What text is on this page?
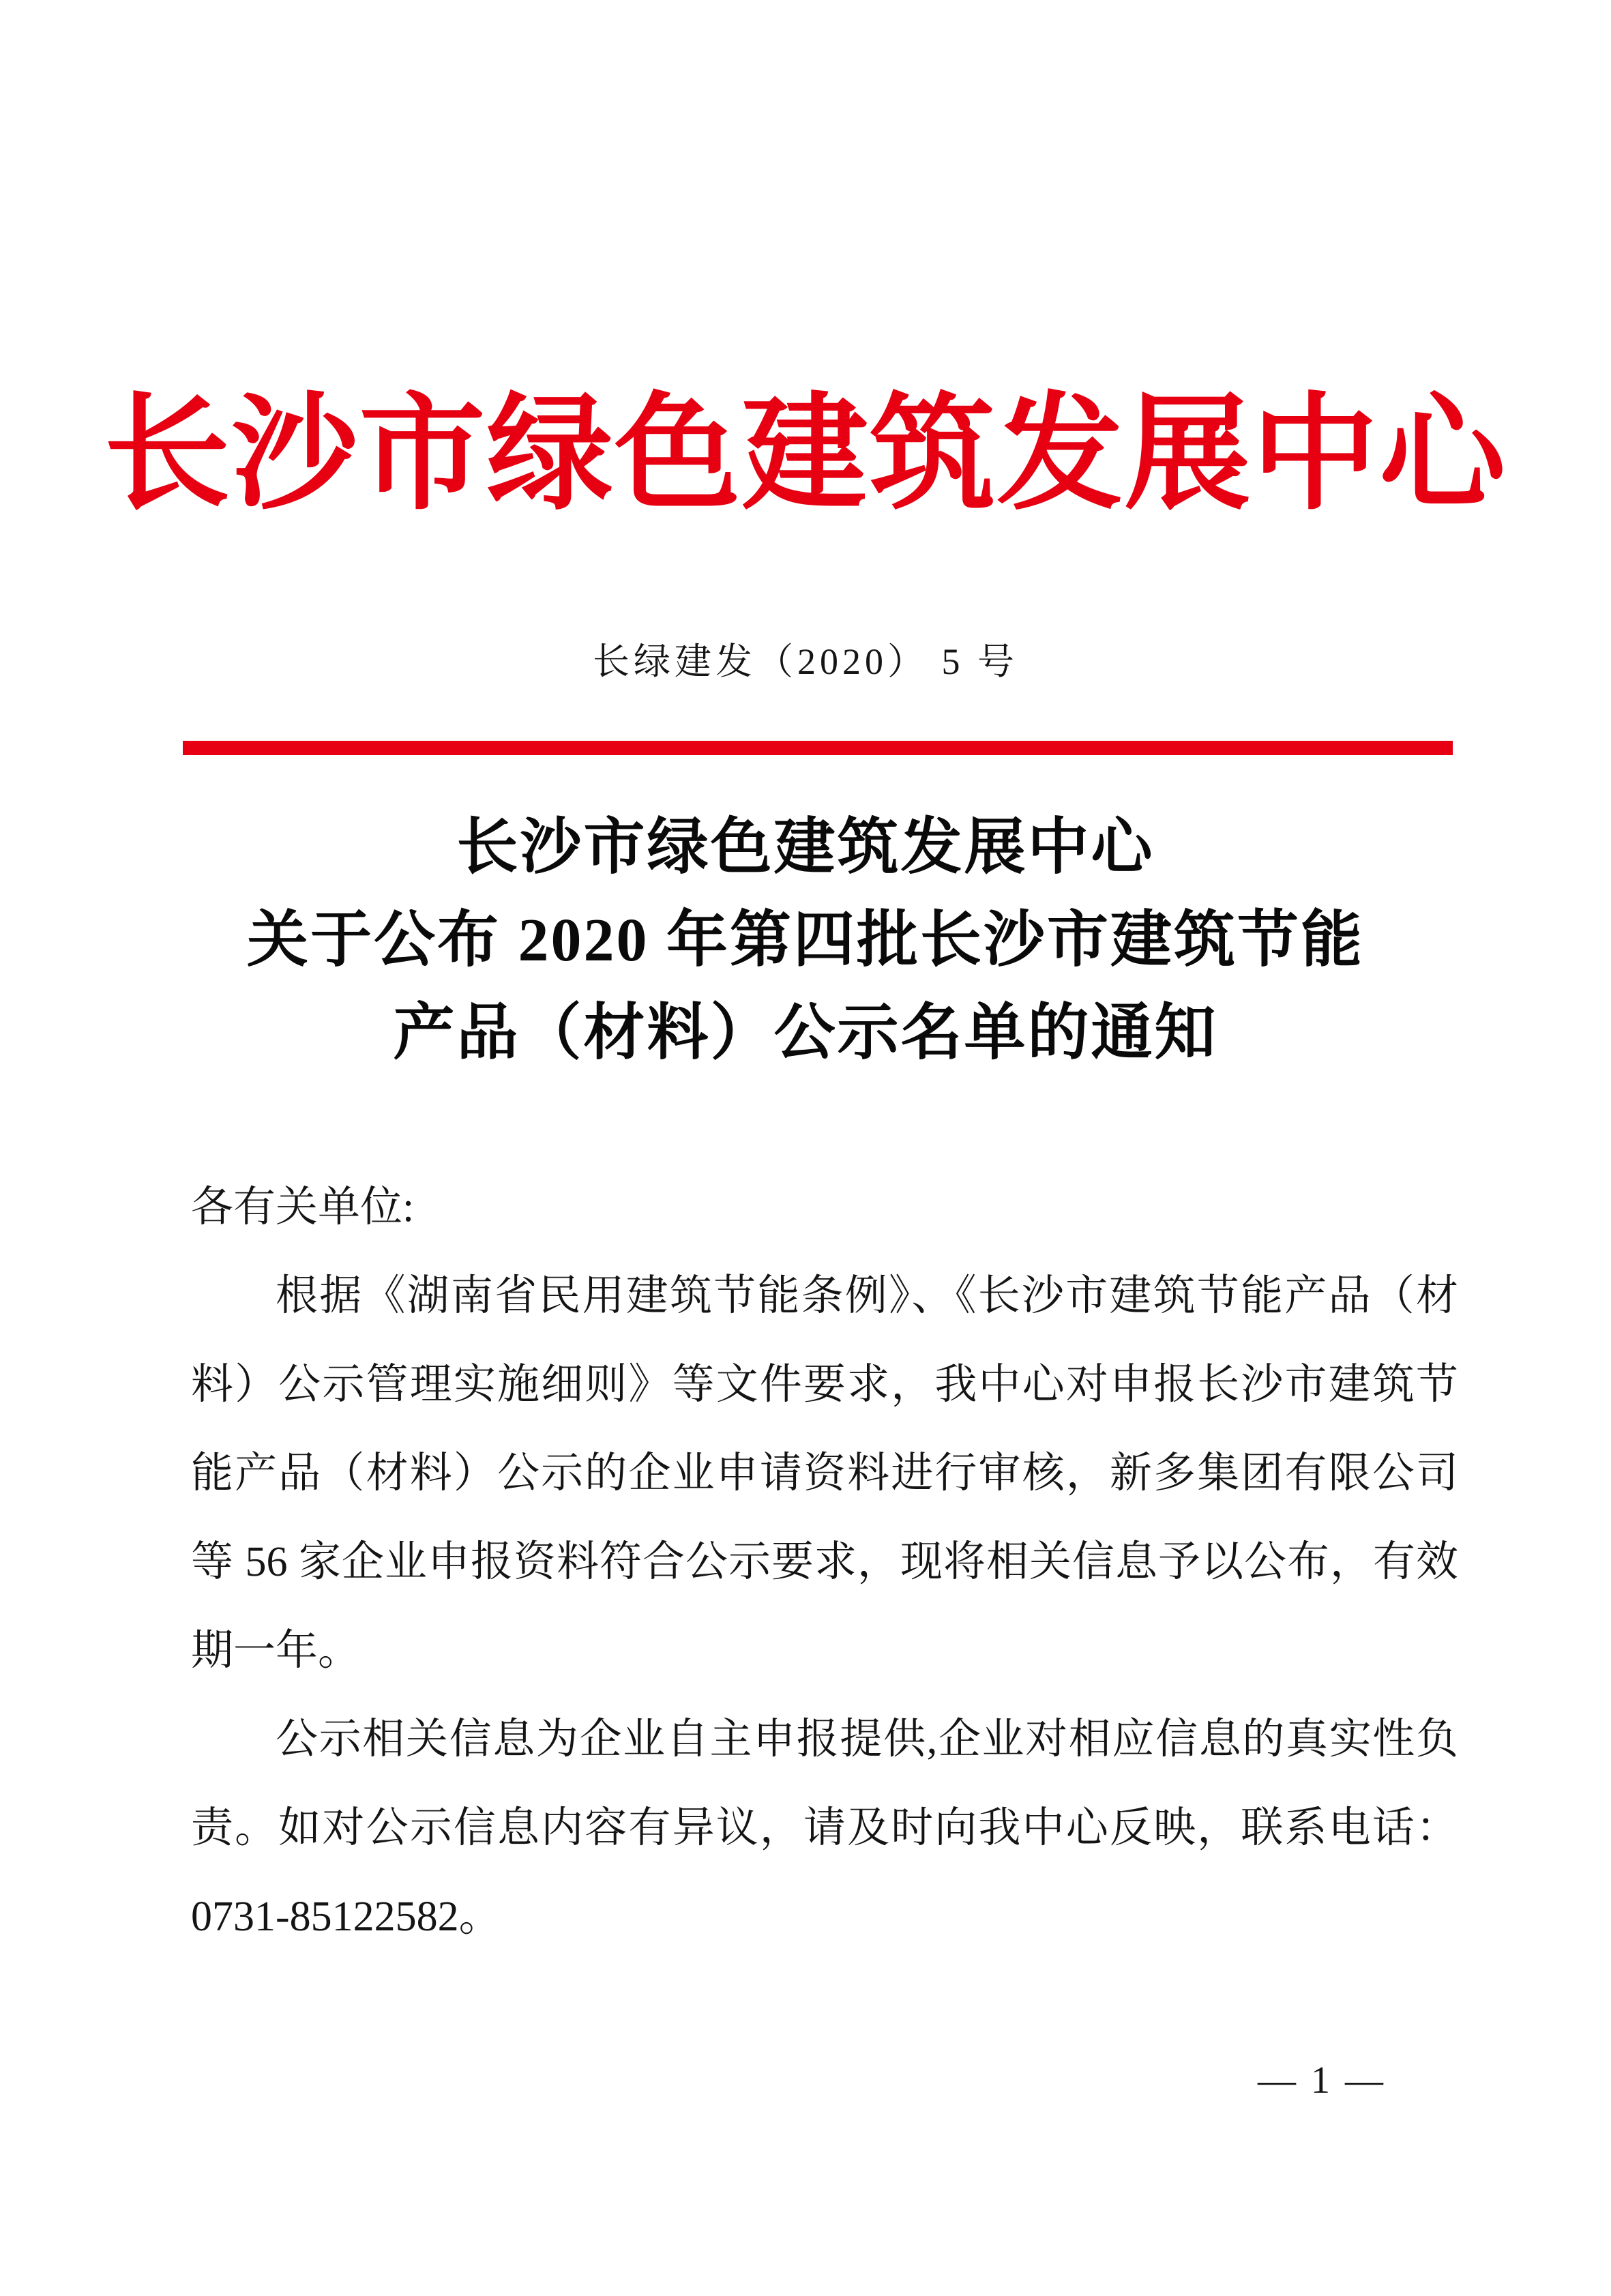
长沙市绿色建筑发展中心
长绿建发（2020） 5 号
长沙市绿色建筑发展中心
关于公布 2020 年第四批长沙市建筑节能
产品（材料）公示名单的通知

各有关单位:

根据《湖南省民用建筑节能条例》、《长沙市建筑节能产品（材料）公示管理实施细则》等文件要求，我中心对申报长沙市建筑节能产品（材料）公示的企业申请资料进行审核，新多集团有限公司等 56 家企业申报资料符合公示要求，现将相关信息予以公布，有效期一年。

公示相关信息为企业自主申报提供,企业对相应信息的真实性负责。如对公示信息内容有异议，请及时向我中心反映，联系电话：0731-85122582。

— 1 —
